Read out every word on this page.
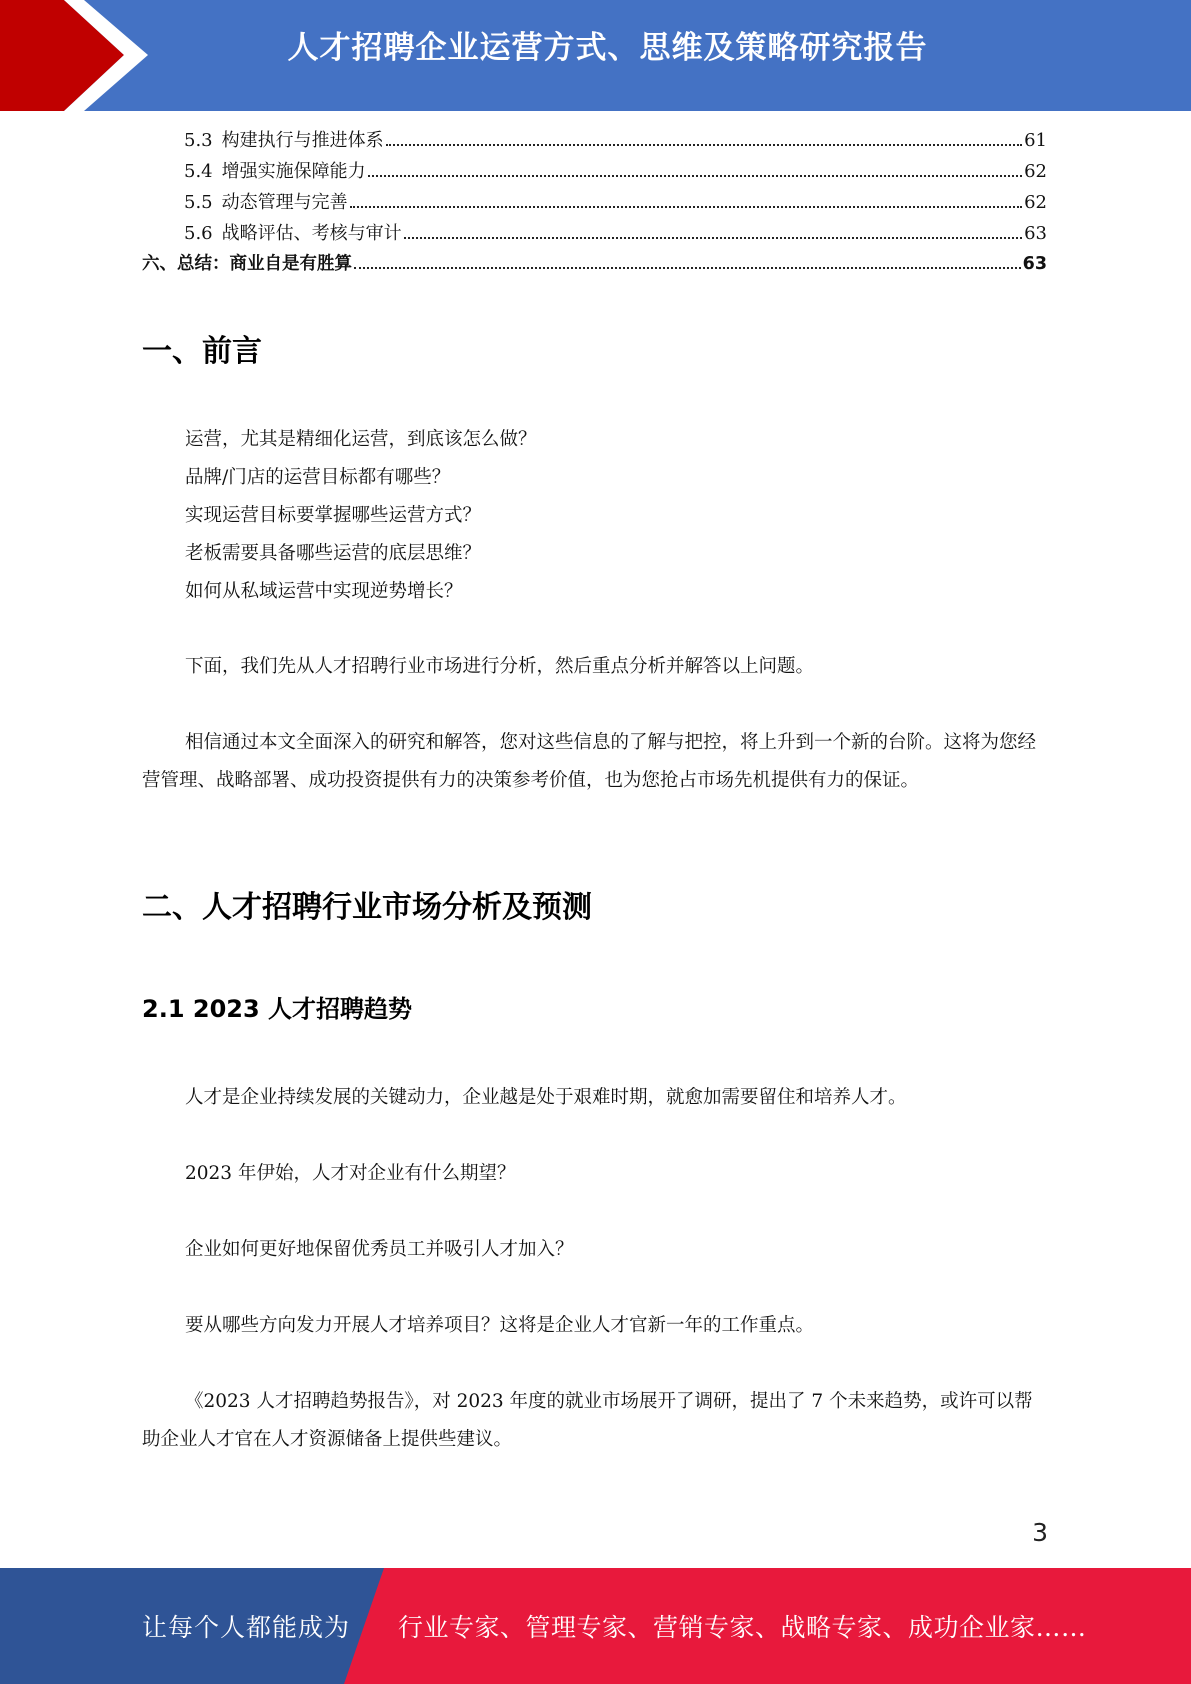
人才招聘企业运营方式、思维及策略研究报告
5.3 构建执行与推进体系	61
5.4 增强实施保障能力	62
5.5 动态管理与完善	62
5.6 战略评估、考核与审计	63
六、总结：商业自是有胜算	63
一、前言

运营，尤其是精细化运营，到底该怎么做？

品牌/门店的运营目标都有哪些？

实现运营目标要掌握哪些运营方式？

老板需要具备哪些运营的底层思维？

如何从私域运营中实现逆势增长？

下面，我们先从人才招聘行业市场进行分析，然后重点分析并解答以上问题。
相信通过本文全面深入的研究和解答，您对这些信息的了解与把控，将上升到一个新的台阶。这将为您经营管理、战略部署、成功投资提供有力的决策参考价值，也为您抢占市场先机提供有力的保证。
二、人才招聘行业市场分析及预测
2.1 2023 人才招聘趋势
人才是企业持续发展的关键动力，企业越是处于艰难时期，就愈加需要留住和培养人才。
2023 年伊始，人才对企业有什么期望？
企业如何更好地保留优秀员工并吸引人才加入？
要从哪些方向发力开展人才培养项目？这将是企业人才官新一年的工作重点。
《2023 人才招聘趋势报告》，对 2023 年度的就业市场展开了调研，提出了 7 个未来趋势，或许可以帮助企业人才官在人才资源储备上提供些建议。
3
让每个人都能成为 行业专家、管理专家、营销专家、战略专家、成功企业家……
